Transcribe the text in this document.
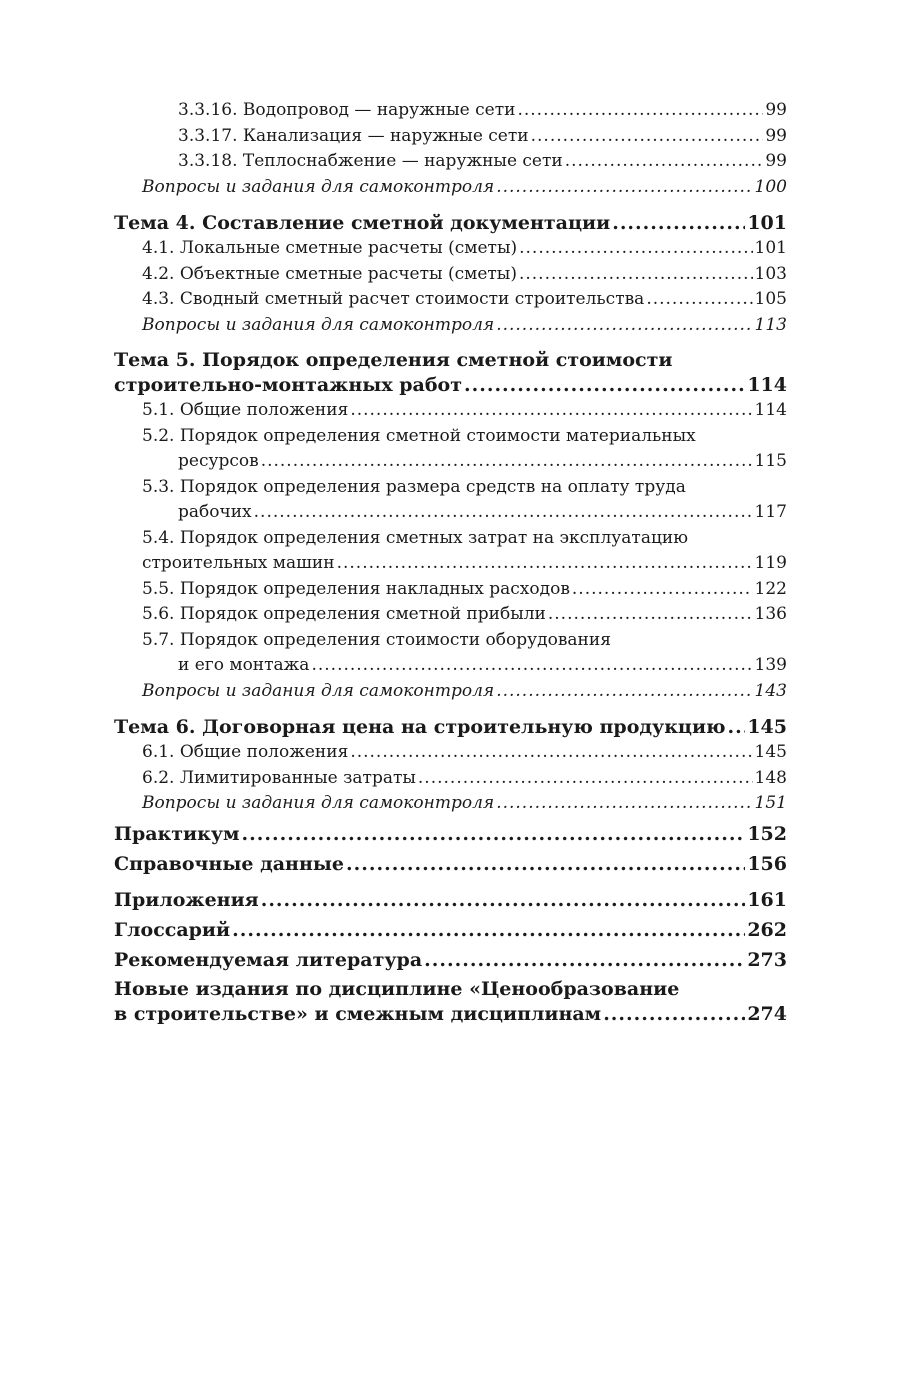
3.3.16. Водопровод — наружные сети .....	99
3.3.17. Канализация — наружные сети .....	99
3.3.18. Теплоснабжение — наружные сети .....	99
Вопросы и задания для самоконтроля .....	100
Тема 4. Составление сметной документации .....	101
4.1. Локальные сметные расчеты (сметы) .....	101
4.2. Объектные сметные расчеты (сметы) .....	103
4.3. Сводный сметный расчет стоимости строительства .....	105
Вопросы и задания для самоконтроля .....	113
Тема 5. Порядок определения сметной стоимости
строительно-монтажных работ .....	114
5.1. Общие положения .....	114
5.2. Порядок определения сметной стоимости материальных
ресурсов .....	115
5.3. Порядок определения размера средств на оплату труда
рабочих .....	117
5.4. Порядок определения сметных затрат на эксплуатацию
строительных машин .....	119
5.5. Порядок определения накладных расходов .....	122
5.6. Порядок определения сметной прибыли .....	136
5.7. Порядок определения стоимости оборудования
и его монтажа .....	139
Вопросы и задания для самоконтроля .....	143
Тема 6. Договорная цена на строительную продукцию ..... 145
6.1. Общие положения .....	145
6.2. Лимитированные затраты .....	148
Вопросы и задания для самоконтроля .....	151
Практикум .....	152
Справочные данные .....	156
Приложения .....	161
Глоссарий .....	262
Рекомендуемая литература .....	273
Новые издания по дисциплине «Ценообразование
в строительстве» и смежным дисциплинам .....	274
